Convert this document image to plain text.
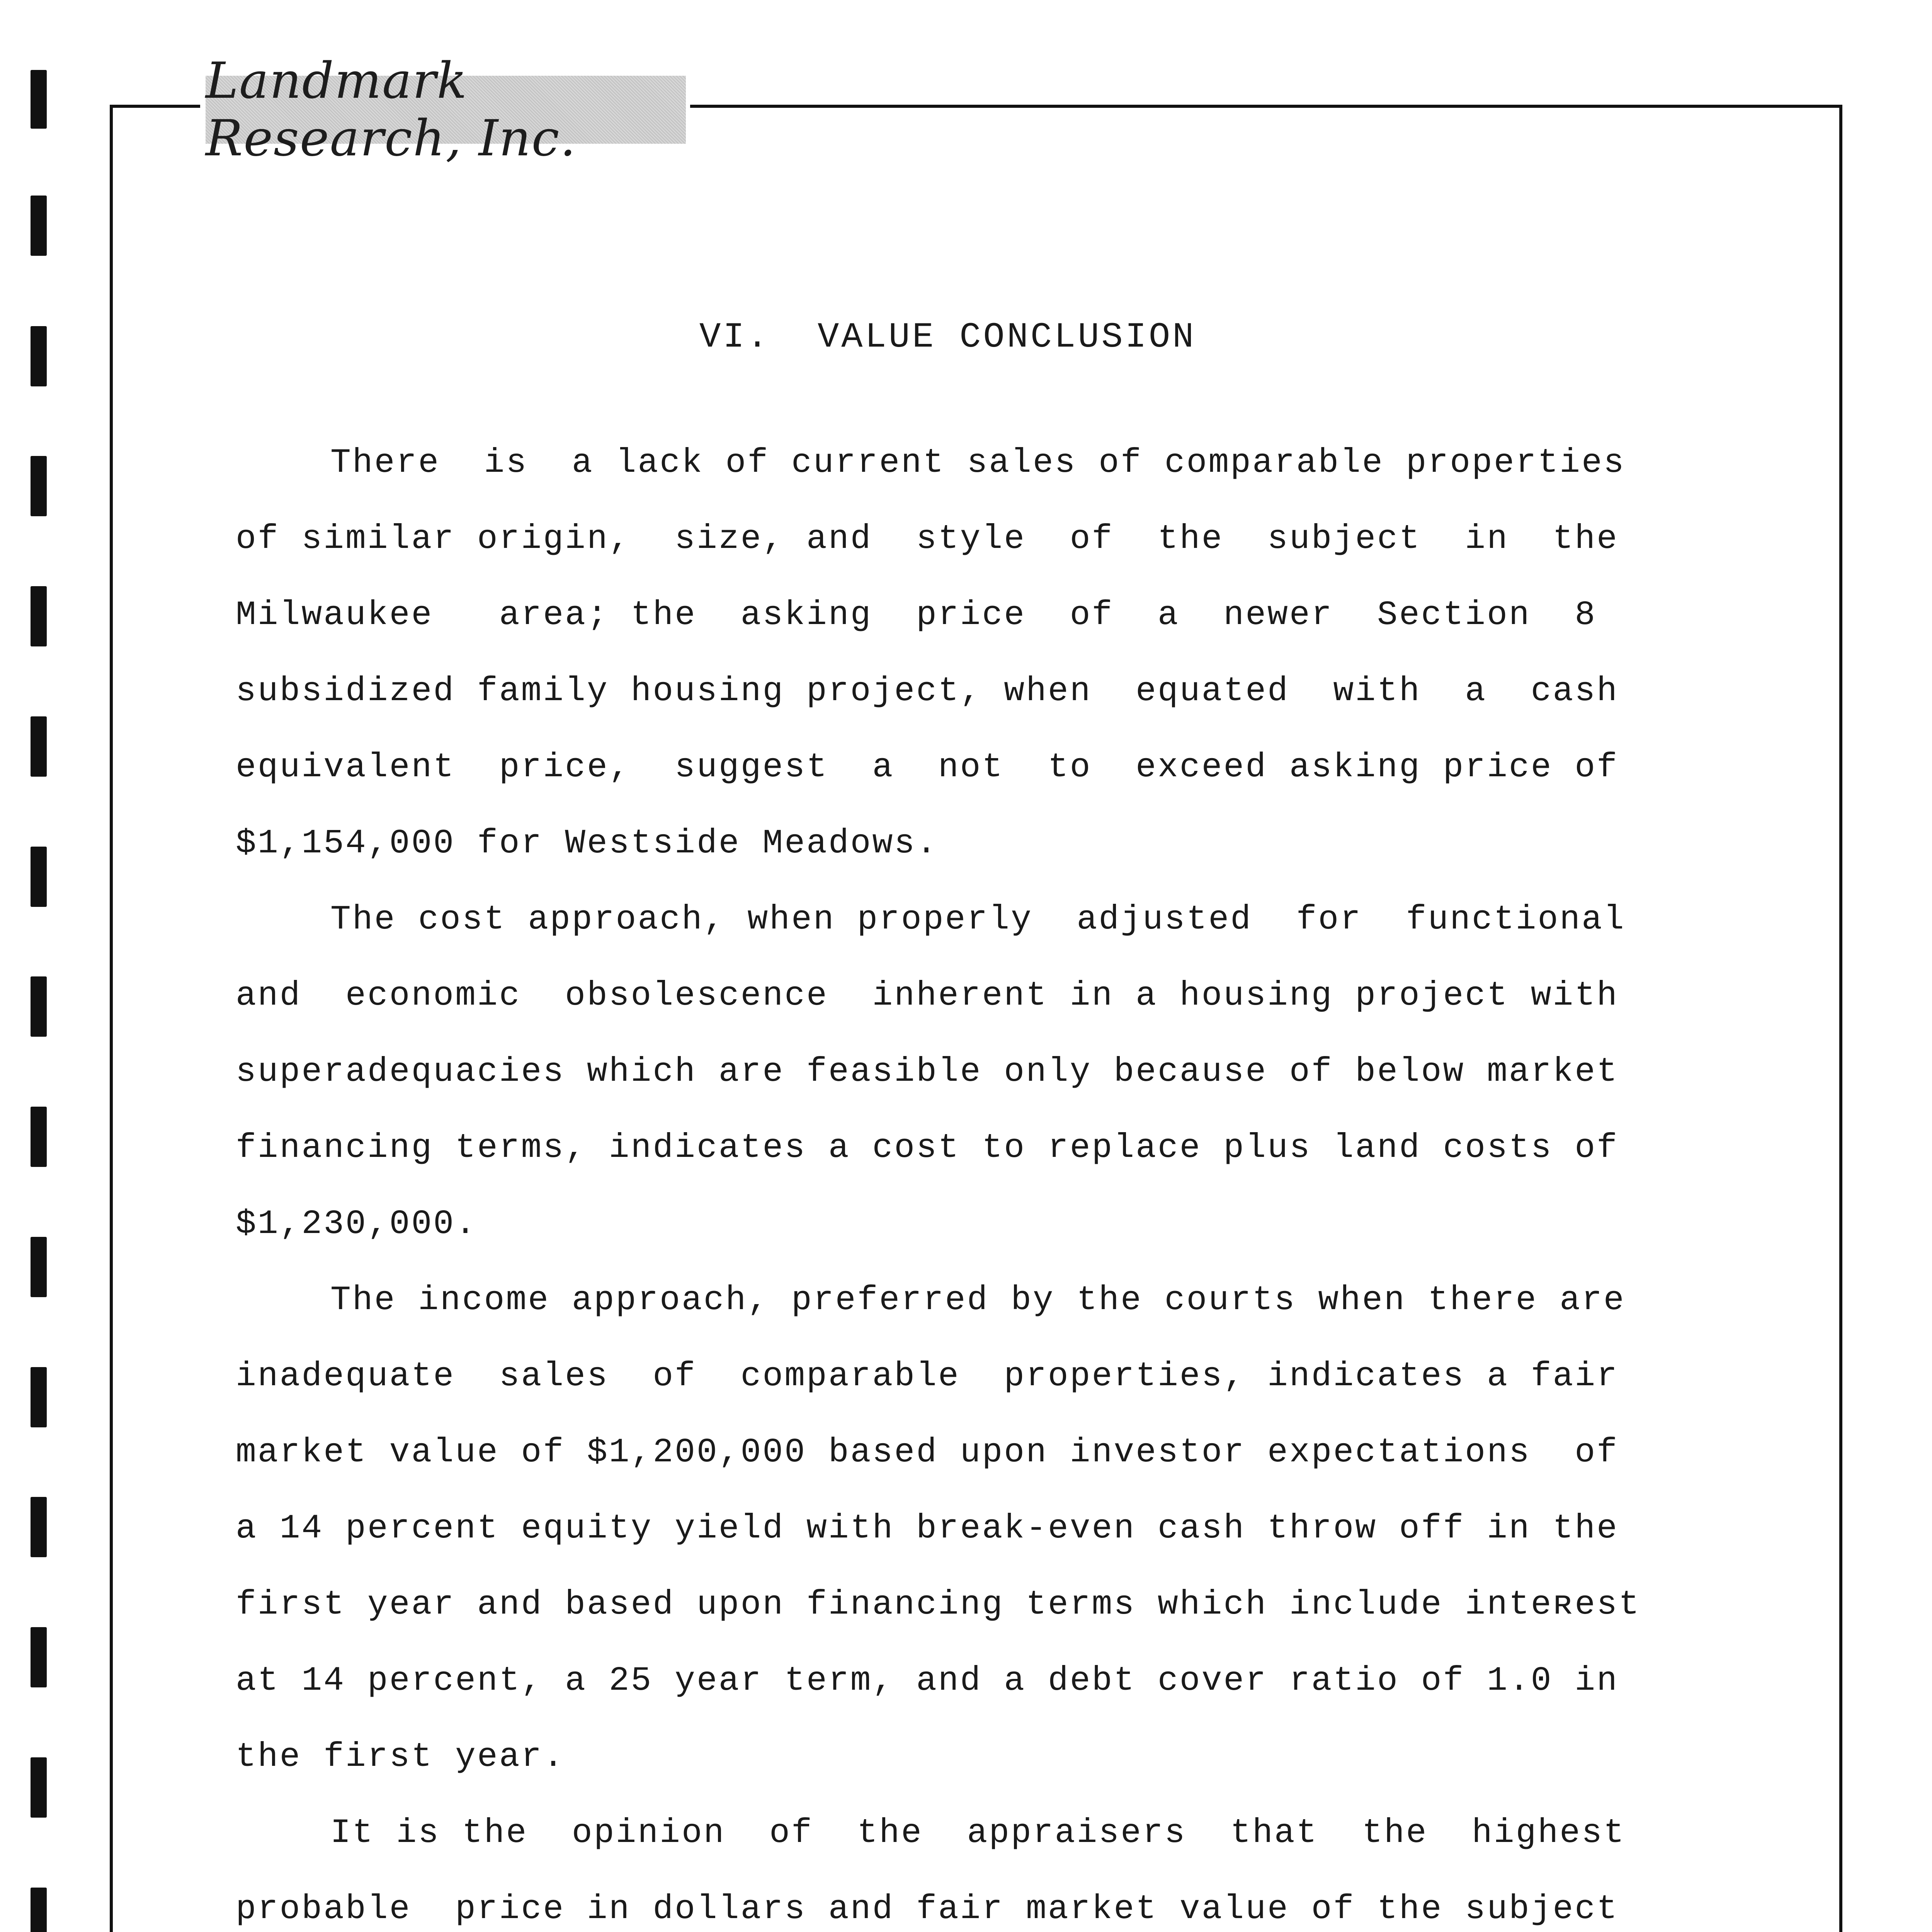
Landmark Research, Inc.
VI.  VALUE CONCLUSION
There  is  a lack of current sales of comparable properties
of similar origin,  size, and  style  of  the  subject  in  the
Milwaukee   area; the  asking  price  of  a  newer  Section  8
subsidized family housing project, when  equated  with  a  cash
equivalent  price,  suggest  a  not  to  exceed asking price of
$1,154,000 for Westside Meadows.
The cost approach, when properly  adjusted  for  functional
and  economic  obsolescence  inherent in a housing project with
superadequacies which are feasible only because of below market
financing terms, indicates a cost to replace plus land costs of
$1,230,000.
The income approach, preferred by the courts when there are
inadequate  sales  of  comparable  properties, indicates a fair
market value of $1,200,000 based upon investor expectations  of
a 14 percent equity yield with break-even cash throw off in the
first year and based upon financing terms which include inteʀest
at 14 percent, a 25 year term, and a debt cover ratio of 1.0 in
the first year.
It is the  opinion  of  the  appraisers  that  the  highest
probable  price in dollars and fair market value of the subject
